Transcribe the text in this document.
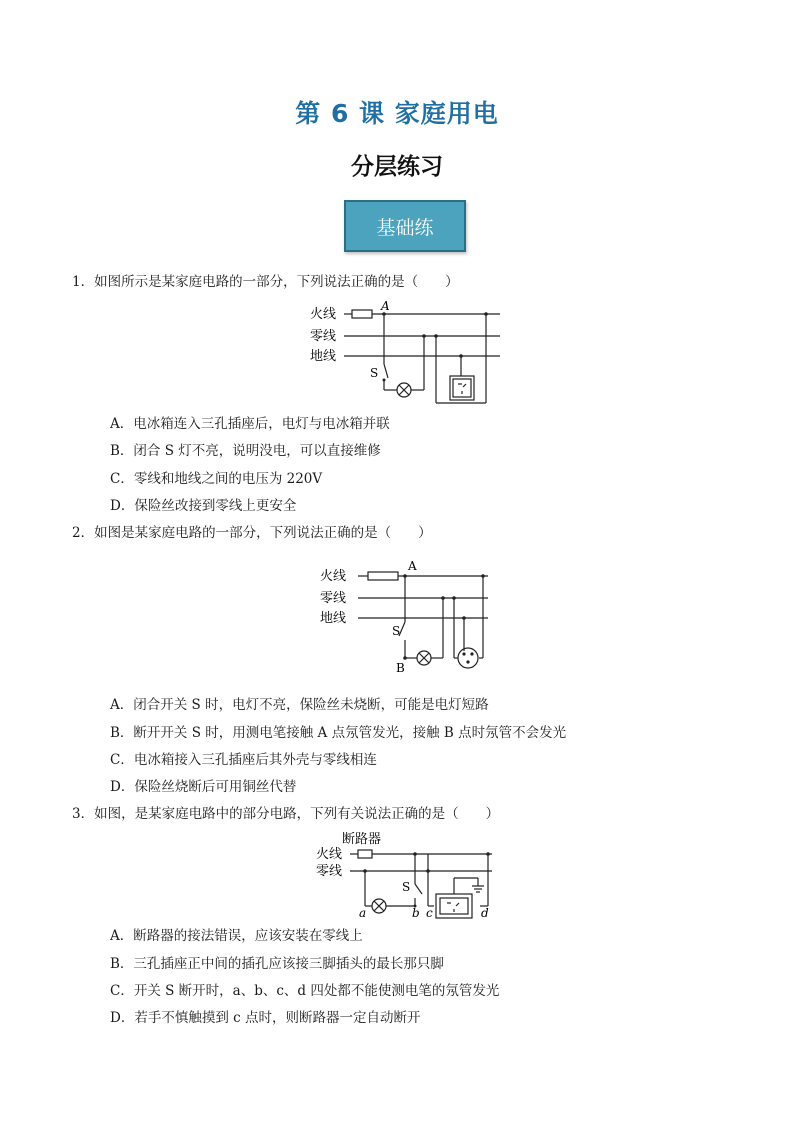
第 6 课 家庭用电
分层练习
基础练
1．如图所示是某家庭电路的一部分，下列说法正确的是（　　）
火线
零线
地线
A
S
A．电冰箱连入三孔插座后，电灯与电冰箱并联
B．闭合 S 灯不亮，说明没电，可以直接维修
C．零线和地线之间的电压为 220V
D．保险丝改接到零线上更安全
2．如图是某家庭电路的一部分，下列说法正确的是（　　）
火线
零线
地线
A
S
B
A．闭合开关 S 时，电灯不亮，保险丝未烧断，可能是电灯短路
B．断开开关 S 时，用测电笔接触 A 点氖管发光，接触 B 点时氖管不会发光
C．电冰箱接入三孔插座后其外壳与零线相连
D．保险丝烧断后可用铜丝代替
3．如图，是某家庭电路中的部分电路，下列有关说法正确的是（　　）
断路器
火线
零线
S
a	b c	d
A．断路器的接法错误，应该安装在零线上
B．三孔插座正中间的插孔应该接三脚插头的最长那只脚
C．开关 S 断开时，a、b、c、d 四处都不能使测电笔的氖管发光
D．若手不慎触摸到 c 点时，则断路器一定自动断开
